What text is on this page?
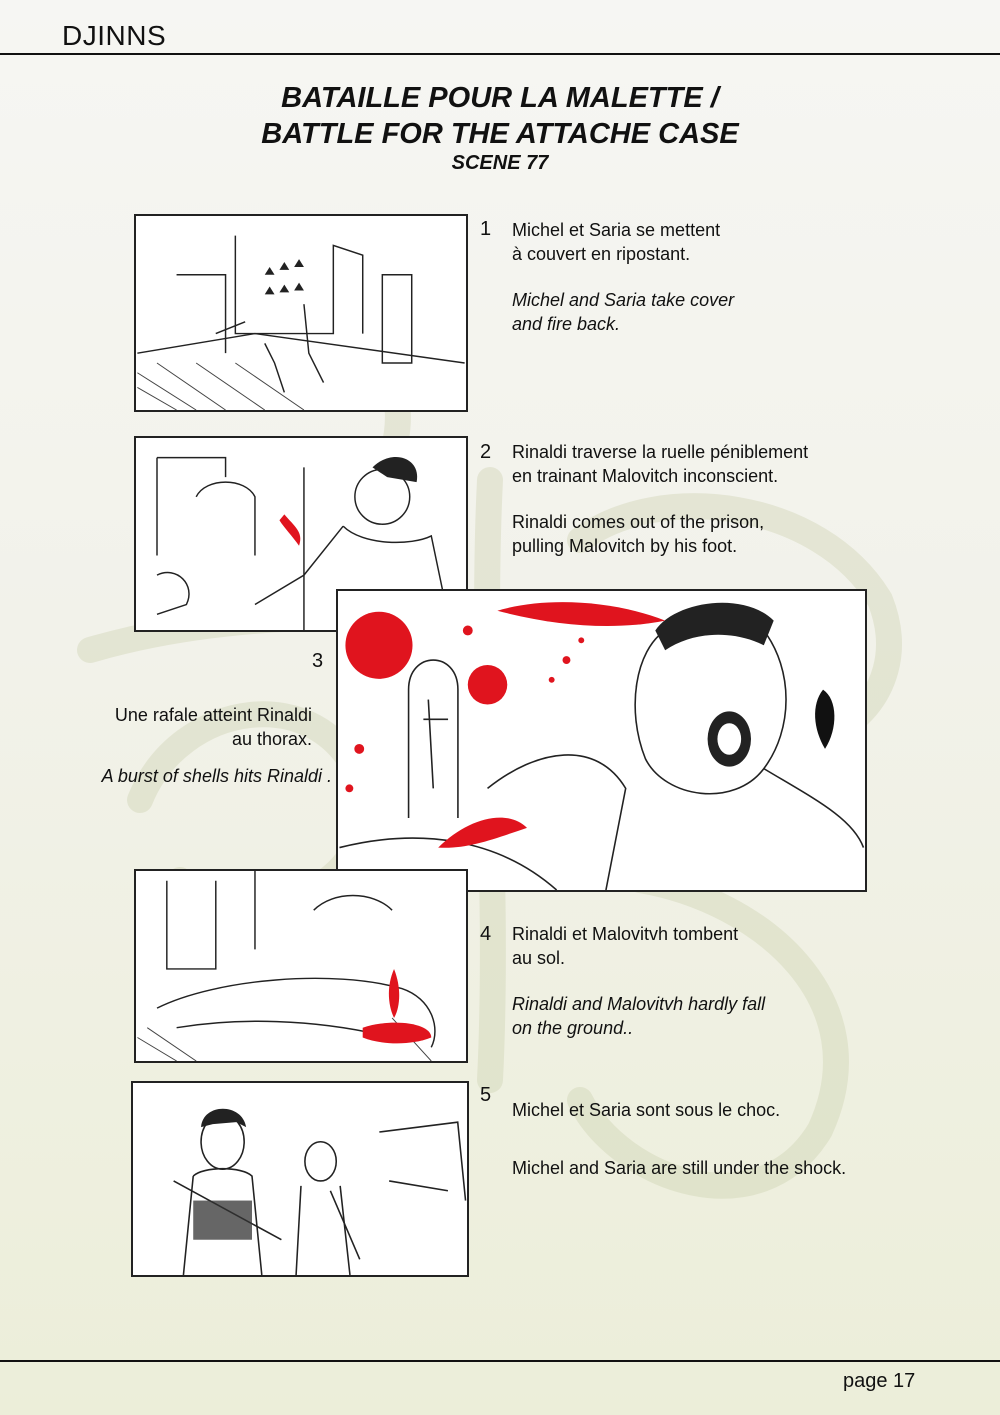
DJINNS
BATAILLE POUR LA MALETTE /
BATTLE FOR THE ATTACHE CASE
SCENE 77
1 Michel et Saria se mettent
à couvert en ripostant.
Michel and Saria take cover
and fire back.
2 Rinaldi traverse la ruelle péniblement
en trainant Malovitch inconscient.
Rinaldi comes out of the prison,
pulling Malovitch by his foot.
3
Une rafale atteint Rinaldi
au thorax.
A burst of shells hits Rinaldi .
4 Rinaldi et Malovitvh tombent
au sol.
Rinaldi and Malovitvh hardly fall
on the ground..
5
Michel et Saria sont sous le choc.
Michel and Saria are still under the shock.
page 17
